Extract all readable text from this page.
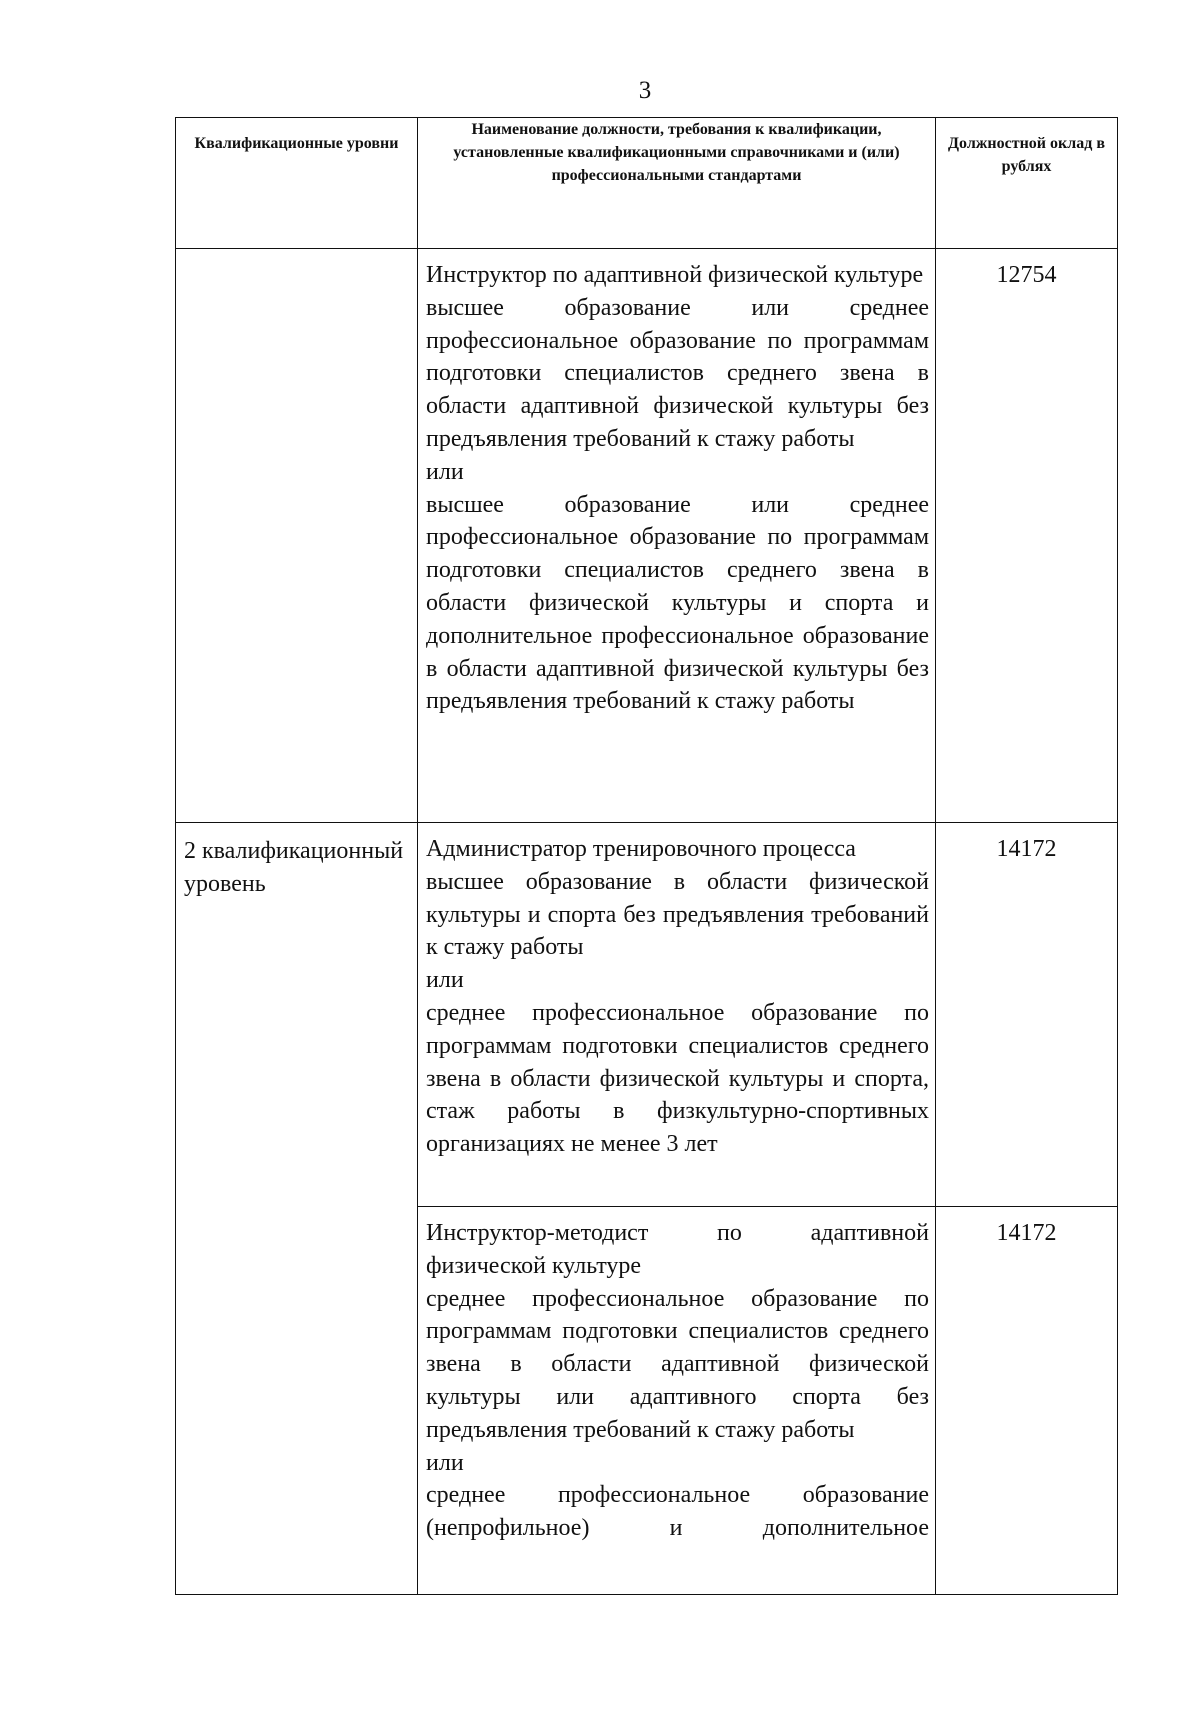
3
Квалификационные уровни	Наименование должности, требования к квалификации, установленные квалификационными справочниками и (или) профессиональными стандартами	Должностной оклад в рублях

	Инструктор по адаптивной физической культуре
высшее образование или среднее профессиональное образование по программам подготовки специалистов среднего звена в области адаптивной физической культуры без предъявления требований к стажу работы
или
высшее образование или среднее профессиональное образование по программам подготовки специалистов среднего звена в области физической культуры и спорта и дополнительное профессиональное образование в области адаптивной физической культуры без предъявления требований к стажу работы	12754
2 квалификационный уровень	Администратор тренировочного процесса
высшее образование в области физической культуры и спорта без предъявления требований к стажу работы
или
среднее профессиональное образование по программам подготовки специалистов среднего звена в области физической культуры и спорта, стаж работы в физкультурно-спортивных организациях не менее 3 лет	14172

	Инструктор-методист по адаптивной физической культуре
среднее профессиональное образование по программам подготовки специалистов среднего звена в области адаптивной физической культуры или адаптивного спорта без предъявления требований к стажу работы
или
среднее профессиональное образование (непрофильное) и дополнительное	14172
